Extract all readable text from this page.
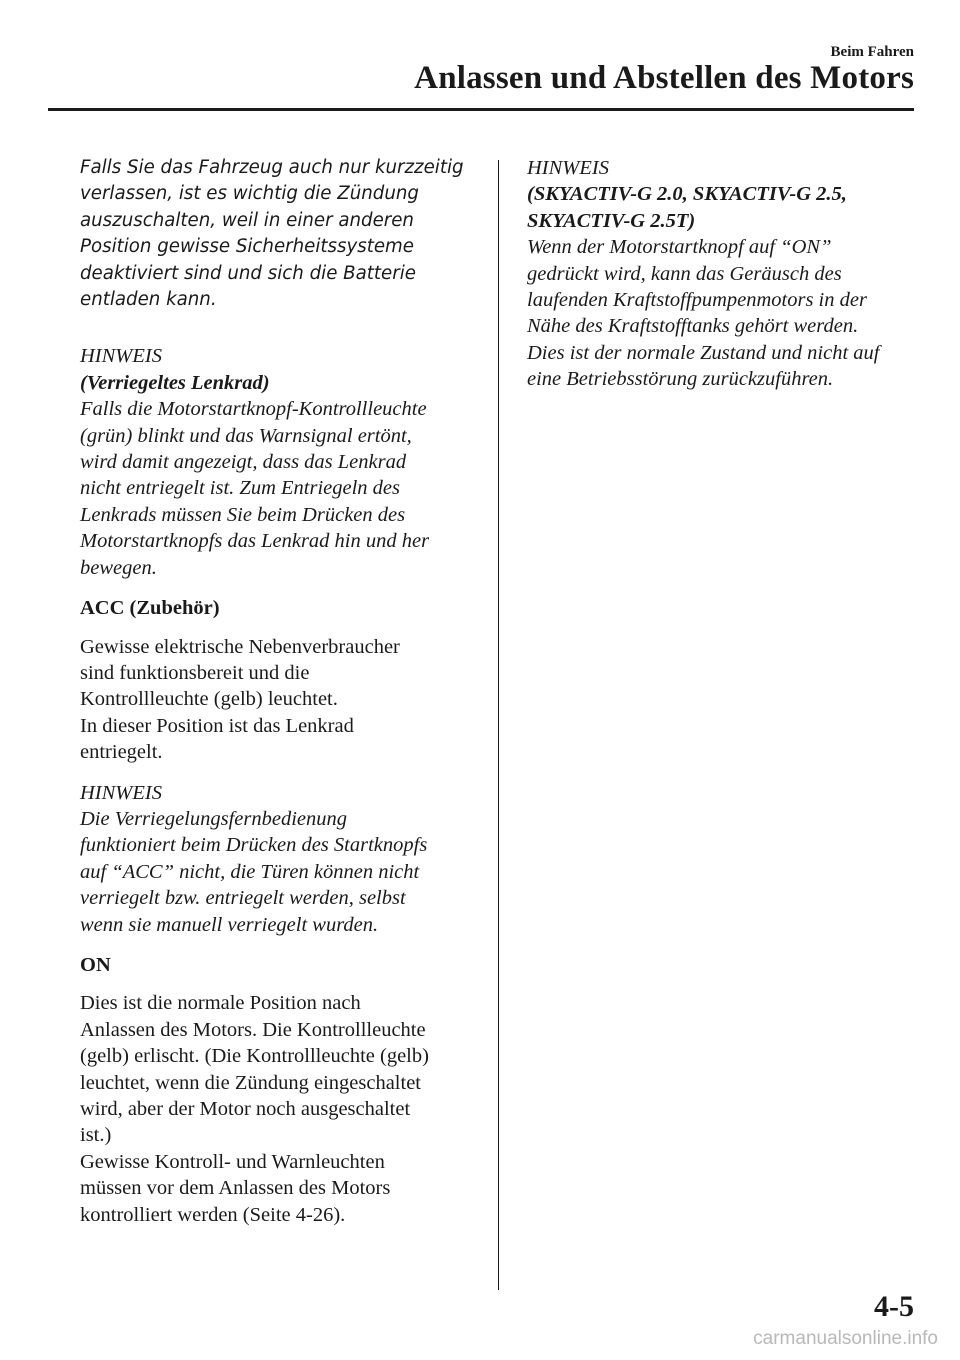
Beim Fahren

Anlassen und Abstellen des Motors

Falls Sie das Fahrzeug auch nur kurzzeitig
verlassen, ist es wichtig die Zündung
auszuschalten, weil in einer anderen
Position gewisse Sicherheitssysteme
deaktiviert sind und sich die Batterie
entladen kann.

HINWEIS
(Verriegeltes Lenkrad)
Falls die Motorstartknopf-Kontrollleuchte
(grün) blinkt und das Warnsignal ertönt,
wird damit angezeigt, dass das Lenkrad
nicht entriegelt ist. Zum Entriegeln des
Lenkrads müssen Sie beim Drücken des
Motorstartknopfs das Lenkrad hin und her
bewegen.
ACC (Zubehör)

Gewisse elektrische Nebenverbraucher
sind funktionsbereit und die
Kontrollleuchte (gelb) leuchtet.
In dieser Position ist das Lenkrad
entriegelt.

HINWEIS
Die Verriegelungsfernbedienung
funktioniert beim Drücken des Startknopfs
auf “ACC” nicht, die Türen können nicht
verriegelt bzw. entriegelt werden, selbst
wenn sie manuell verriegelt wurden.
ON

Dies ist die normale Position nach
Anlassen des Motors. Die Kontrollleuchte
(gelb) erlischt. (Die Kontrollleuchte (gelb)
leuchtet, wenn die Zündung eingeschaltet
wird, aber der Motor noch ausgeschaltet
ist.)
Gewisse Kontroll- und Warnleuchten
müssen vor dem Anlassen des Motors
kontrolliert werden (Seite 4-26).

HINWEIS
(SKYACTIV-G 2.0, SKYACTIV-G 2.5,
SKYACTIV-G 2.5T)
Wenn der Motorstartknopf auf “ON”
gedrückt wird, kann das Geräusch des
laufenden Kraftstoffpumpenmotors in der
Nähe des Kraftstofftanks gehört werden.
Dies ist der normale Zustand und nicht auf
eine Betriebsstörung zurückzuführen.

4-5

carmanualsonline.info
